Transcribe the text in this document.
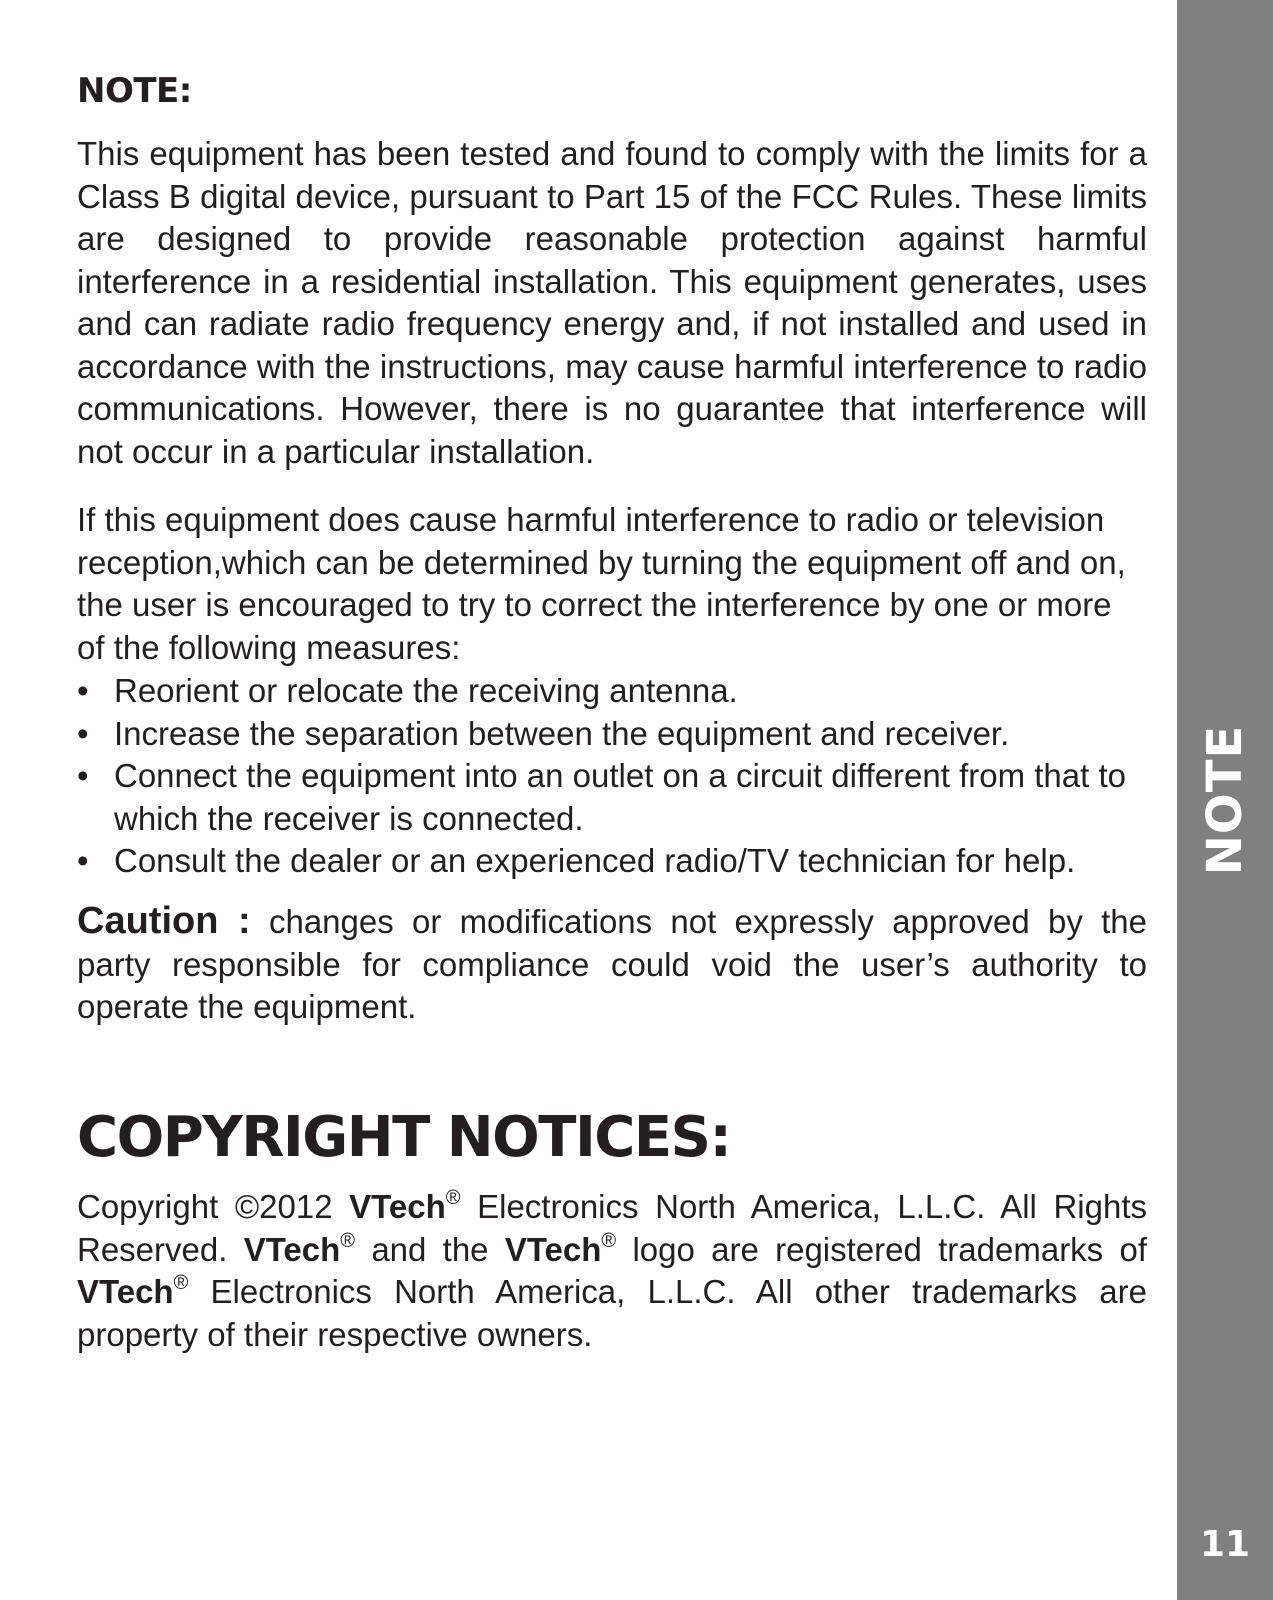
NOTE:

This equipment has been tested and found to comply with the limits for a Class B digital device, pursuant to Part 15 of the FCC Rules. These limits are designed to provide reasonable protection against harmful interference in a residential installation. This equipment generates, uses and can radiate radio frequency energy and, if not installed and used in accordance with the instructions, may cause harmful interference to radio communications. However, there is no guarantee that interference will not occur in a particular installation.

If this equipment does cause harmful interference to radio or television reception,which can be determined by turning the equipment off and on, the user is encouraged to try to correct the interference by one or more of the following measures:

• Reorient or relocate the receiving antenna.
• Increase the separation between the equipment and receiver.
• Connect the equipment into an outlet on a circuit different from that to which the receiver is connected.
• Consult the dealer or an experienced radio/TV technician for help.

Caution : changes or modifications not expressly approved by the party responsible for compliance could void the user’s authority to operate the equipment.

COPYRIGHT NOTICES:

Copyright ©2012 VTech® Electronics North America, L.L.C. All Rights Reserved. VTech® and the VTech® logo are registered trademarks of VTech® Electronics North America, L.L.C. All other trademarks are property of their respective owners.

NOTE
11
